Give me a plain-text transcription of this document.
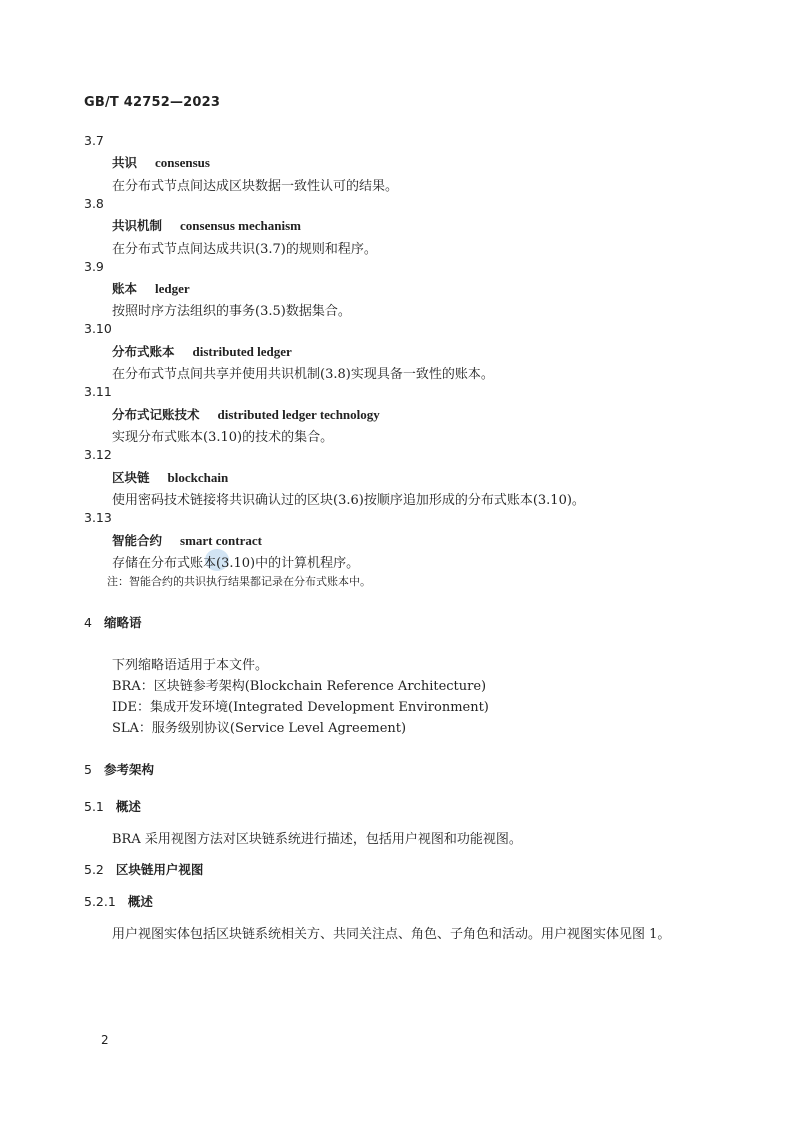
GB/T 42752—2023
3.7
共识 consensus
在分布式节点间达成区块数据一致性认可的结果。
3.8
共识机制 consensus mechanism
在分布式节点间达成共识(3.7)的规则和程序。
3.9
账本 ledger
按照时序方法组织的事务(3.5)数据集合。
3.10
分布式账本 distributed ledger
在分布式节点间共享并使用共识机制(3.8)实现具备一致性的账本。
3.11
分布式记账技术 distributed ledger technology
实现分布式账本(3.10)的技术的集合。
3.12
区块链 blockchain
使用密码技术链接将共识确认过的区块(3.6)按顺序追加形成的分布式账本(3.10)。
3.13
智能合约 smart contract
存储在分布式账本(3.10)中的计算机程序。
注：智能合约的共识执行结果都记录在分布式账本中。
4 缩略语
下列缩略语适用于本文件。
BRA：区块链参考架构(Blockchain Reference Architecture)
IDE：集成开发环境(Integrated Development Environment)
SLA：服务级别协议(Service Level Agreement)
5 参考架构
5.1 概述
BRA 采用视图方法对区块链系统进行描述，包括用户视图和功能视图。
5.2 区块链用户视图
5.2.1 概述
用户视图实体包括区块链系统相关方、共同关注点、角色、子角色和活动。用户视图实体见图 1。
2
